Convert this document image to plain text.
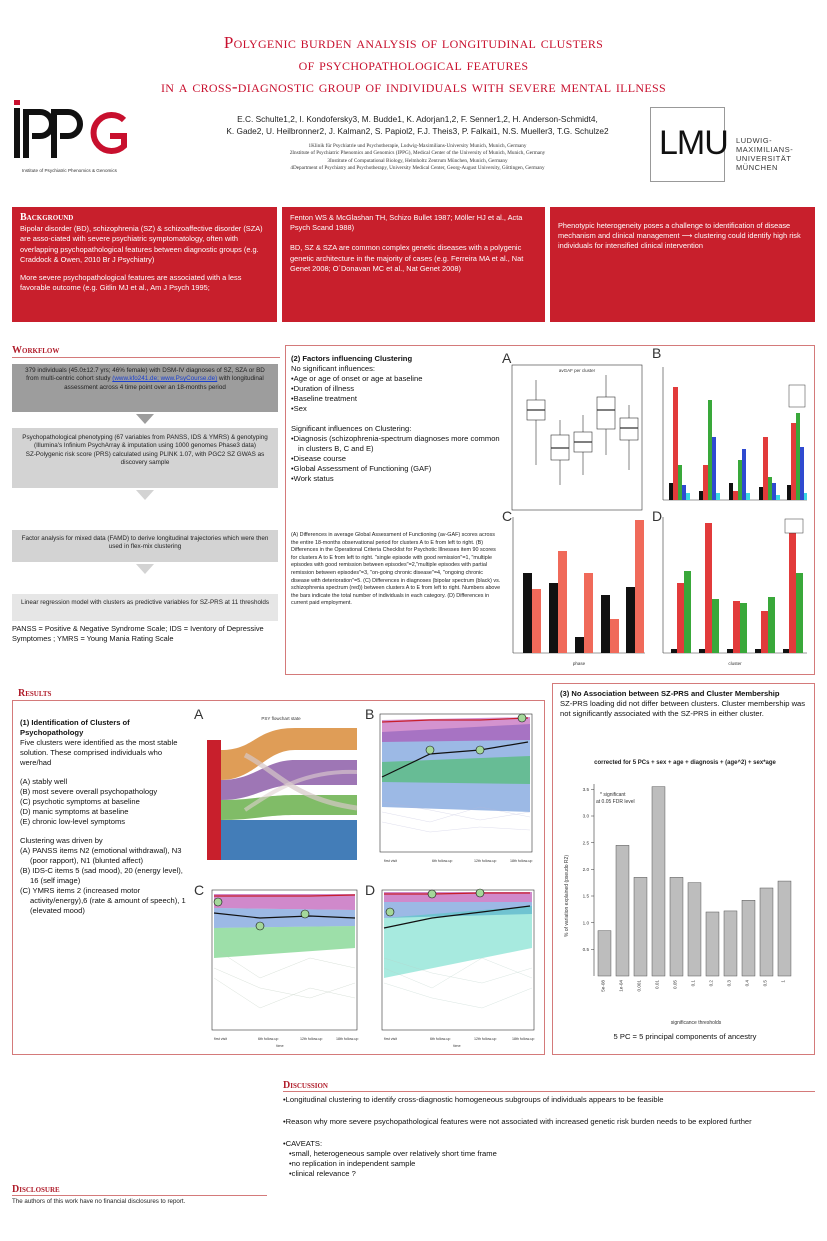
Polygenic burden analysis of longitudinal clusters
of psychopathological features
in a cross-diagnostic group of individuals with severe mental illness
Institute of Psychiatric Phenomics & Genomics
E.C. Schulte1,2, I. Kondofersky3, M. Budde1, K. Adorjan1,2, F. Senner1,2, H. Anderson-Schmidt4,
K. Gade2, U. Heilbronner2, J. Kalman2, S. Papiol2, F.J. Theis3, P. Falkai1, N.S. Mueller3, T.G. Schulze2
1Klinik für Psychiatrie und Psychotherapie, Ludwig-Maximilians-University Munich, Munich, Germany
2Institute of Psychiatric Phenomics and Genomics (IPPG), Medical Center of the University of Munich, Munich, Germany
3Institute of Computational Biology, Helmholtz Zentrum München, Munich, Germany
4Department of Psychiatry and Psychotherapy, University Medical Center, Georg-August University, Göttingen, Germany
LMU LUDWIG-
MAXIMILIANS-
UNIVERSITÄT
MÜNCHEN
Background

Bipolar disorder (BD), schizophrenia (SZ) & schizoaffective disorder (SZA) are asso-ciated with severe psychiatric symptomatology, often with overlapping psychopathological features between diagnostic groups (e.g. Craddock & Owen, 2010 Br J Psychiatry)

More severe psychopathological features are associated with a less favorable outcome (e.g. Gitlin MJ et al., Am J Psych 1995;

Fenton WS & McGlashan TH, Schizo Bullet 1987; Möller HJ et al., Acta Psych Scand 1988)

BD, SZ & SZA are common complex genetic diseases with a polygenic genetic architecture in the majority of cases (e.g. Ferreira MA et al., Nat Genet 2008; O´Donavan MC et al., Nat Genet 2008)

Phenotypic heterogeneity poses a challenge to identification of disease mechanism and clinical management ⟶ clustering could identify high risk individuals for intensified clinical intervention

Workflow
379 individuals (45.0±12.7 yrs; 46% female) with DSM-IV diagnoses of SZ, SZA or BD from multi-centric cohort study (www.kfo241.de; www.PsyCourse.de) with longitudinal assessment across 4 time point over an 18-months period
Psychopathological phenotyping (67 variables from PANSS, IDS & YMRS) & genotyping (Illumina's Infinium PsychArray & imputation using 1000 genomes Phase3 data)
SZ-Polygenic risk score (PRS) calculated using PLINK 1.07, with PGC2 SZ GWAS as discovery sample
Factor analysis for mixed data (FAMD) to derive longitudinal trajectories which were then used in flex-mix clustering
Linear regression model with clusters as predictive variables for SZ-PRS at 11 thresholds
PANSS = Positive & Negative Syndrome Scale; IDS = Iventory of Depressive Symptomes ; YMRS = Young Mania Rating Scale
(2) Factors influencing Clustering
No significant influences:
• Age or age of onset or age at baseline
• Duration of illness
• Baseline treatment
• Sex
Significant influences on Clustering:
• Diagnosis (schizophrenia-spectrum diagnoses more common in clusters B, C and E)
• Disease course
• Global Assessment of Functioning (GAF)
• Work status
(A) Differences in average Global Assessment of Functioning (av-GAF) scores across the entire 18-months observational period for clusters A to E from left to right. (B) Differences in the Operational Criteria Checklist for Psychotic Illnesses item 90 scores for clusters A to E from left to right. "single episode with good remission"=1, "multiple episodes with good remission between episodes"=2,"multiple episodes with partial remission between episodes"=3, "on-going chronic disease"=4, "ongoing chronic disease with deterioration"=5. (C) Differences in diagnoses (bipolar spectrum (black) vs. schizophrenia spectrum (red)) between clusters A to E from left to right. Numbers above the bars indicate the total number of individuals in each category. (D) Differences in current paid employment.
A
avGAF per cluster
B
C
phase
D
cluster
Results
(1) Identification of Clusters of Psychopathology
Five clusters were identified as the most stable solution. These comprised individuals who were/had
(A) stably well
(B) most severe overall psychopathology
(C) psychotic symptoms at baseline
(D) manic symptoms at baseline
(E) chronic low-level symptoms
Clustering was driven by
(A) PANSS items N2 (emotional withdrawal), N3 (poor rapport), N1 (blunted affect)
(B) IDS-C items 5 (sad mood), 20 (energy level), 16 (self image)
(C) YMRS items 2 (increased motor activity/energy),6 (rate & amount of speech), 1 (elevated mood)
A	PSY flowchart state	B
first visit	6th follow-up	12th follow-up	18th follow-up
C
first visit	6th follow-up	12th follow-up	18th follow-up
time
D
first visit	6th follow-up	12th follow-up	18th follow-up
time
(3) No Association between SZ-PRS and Cluster Membership
SZ-PRS loading did not differ between clusters. Cluster membership was not significantly associated with the SZ-PRS in either cluster.
corrected for 5 PCs + sex + age + diagnosis + (age^2) + sex*age
5e-08	1e-04	0.001	0.01	0.05	0.1	0.2	0.3	0.4	0.5	1
0.5
1.0
1.5
2.0
2.5
3.0
3.5
* significant
at 0.05 FDR level
significance thresholds
% of variation explained (pseudo R2)
5 PC = 5 principal components of ancestry
Discussion
• Longitudinal clustering to identify cross-diagnostic homogeneous subgroups of individuals appears to be feasible
• Reason why more severe psychopathological features were not associated with increased genetic risk burden needs to be explored further
• CAVEATS:
• small, heterogeneous sample over relatively short time frame
• no replication in independent sample
• clinical relevance ?
Disclosure
The authors of this work have no financial disclosures to report.
